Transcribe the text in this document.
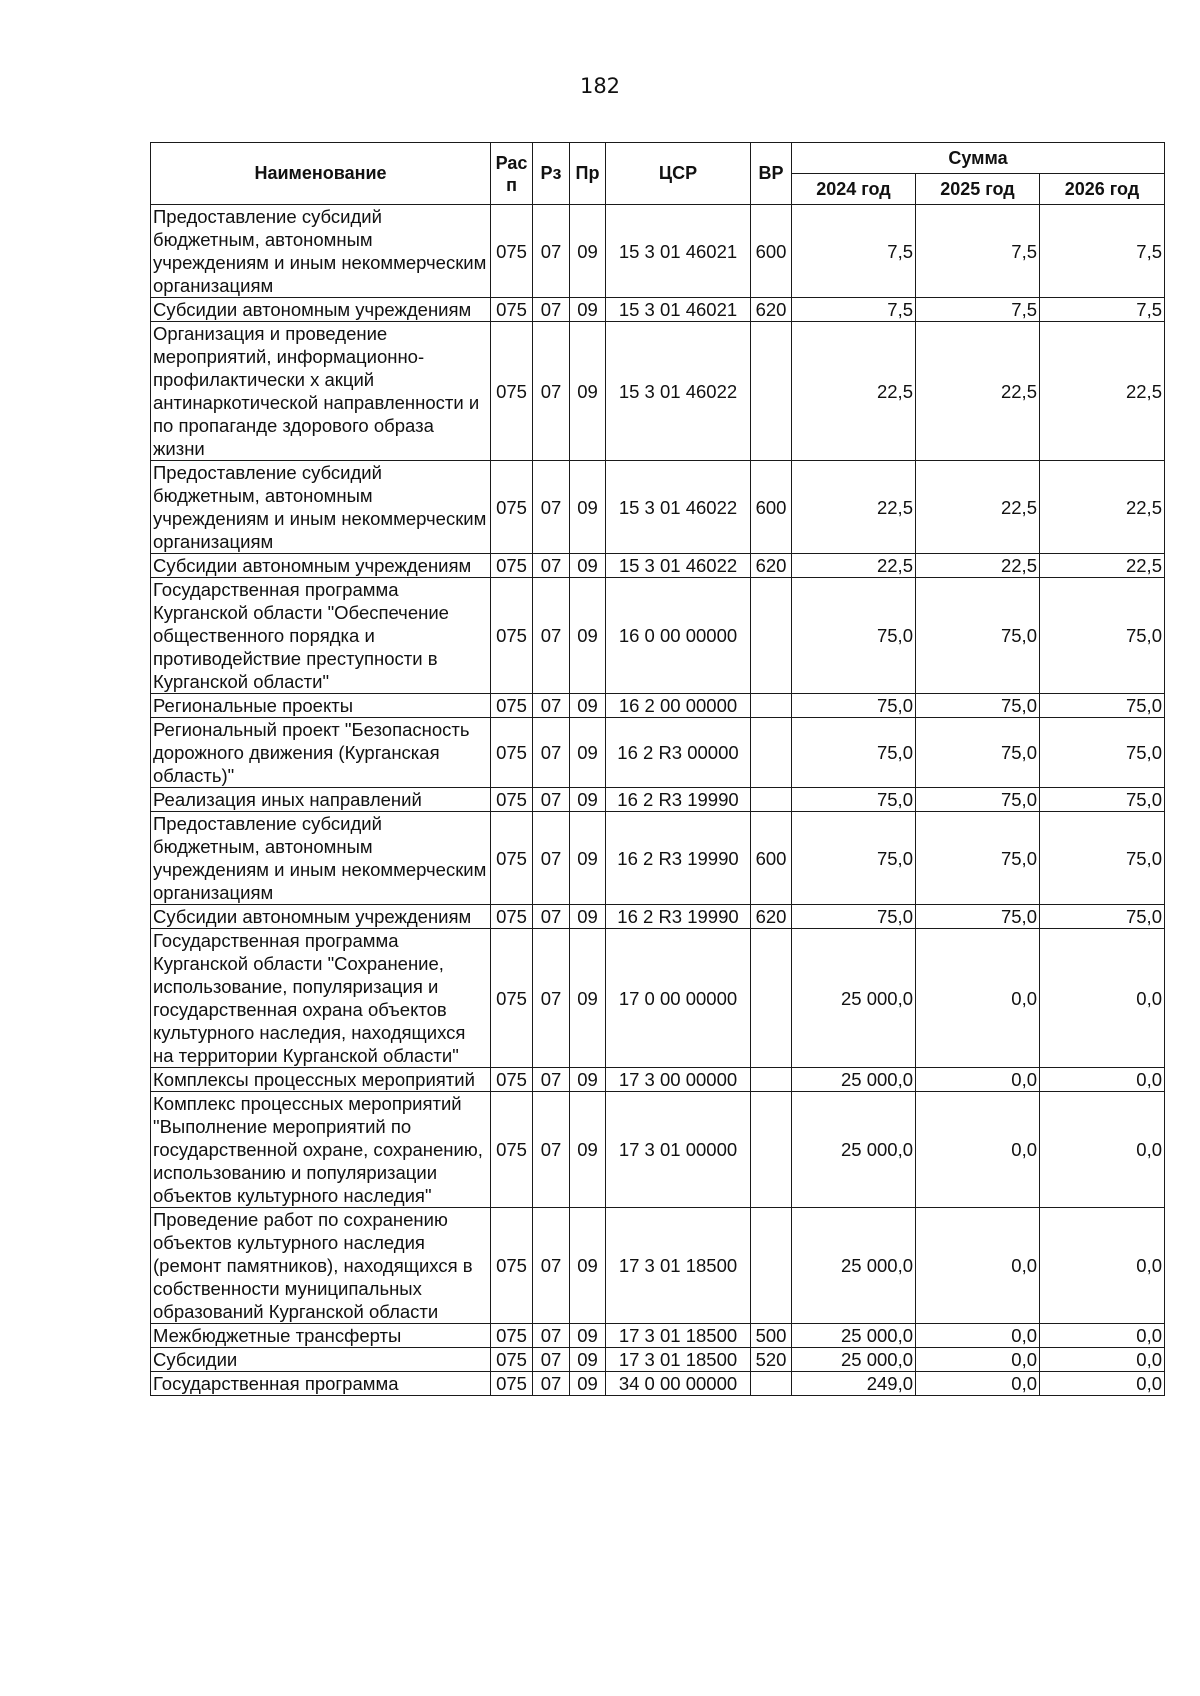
182
Наименование	Рас п	Рз	Пр	ЦСР	ВР	Сумма		
						2024 год	2025 год	2026 год
Предоставление субсидий бюджетным, автономным учреждениям и иным некоммерческим организациям	075	07	09	15 3 01 46021	600	7,5	7,5	7,5
Субсидии автономным учреждениям	075	07	09	15 3 01 46021	620	7,5	7,5	7,5
Организация и проведение мероприятий, информационно-профилактически х акций антинаркотической направленности и по пропаганде здорового образа жизни	075	07	09	15 3 01 46022		22,5	22,5	22,5
Предоставление субсидий бюджетным, автономным учреждениям и иным некоммерческим организациям	075	07	09	15 3 01 46022	600	22,5	22,5	22,5
Субсидии автономным учреждениям	075	07	09	15 3 01 46022	620	22,5	22,5	22,5
Государственная программа Курганской области "Обеспечение общественного порядка и противодействие преступности в Курганской области"	075	07	09	16 0 00 00000		75,0	75,0	75,0
Региональные проекты	075	07	09	16 2 00 00000		75,0	75,0	75,0
Региональный проект "Безопасность дорожного движения (Курганская область)"	075	07	09	16 2 R3 00000		75,0	75,0	75,0
Реализация иных направлений	075	07	09	16 2 R3 19990		75,0	75,0	75,0
Предоставление субсидий бюджетным, автономным учреждениям и иным некоммерческим организациям	075	07	09	16 2 R3 19990	600	75,0	75,0	75,0
Субсидии автономным учреждениям	075	07	09	16 2 R3 19990	620	75,0	75,0	75,0
Государственная программа Курганской области "Сохранение, использование, популяризация и государственная охрана объектов культурного наследия, находящихся на территории Курганской области"	075	07	09	17 0 00 00000		25 000,0	0,0	0,0
Комплексы процессных мероприятий	075	07	09	17 3 00 00000		25 000,0	0,0	0,0
Комплекс процессных мероприятий "Выполнение мероприятий по государственной охране, сохранению, использованию и популяризации объектов культурного наследия"	075	07	09	17 3 01 00000		25 000,0	0,0	0,0
Проведение работ по сохранению объектов культурного наследия (ремонт памятников), находящихся в собственности муниципальных образований Курганской области	075	07	09	17 3 01 18500		25 000,0	0,0	0,0
Межбюджетные трансферты	075	07	09	17 3 01 18500	500	25 000,0	0,0	0,0
Субсидии	075	07	09	17 3 01 18500	520	25 000,0	0,0	0,0
Государственная программа	075	07	09	34 0 00 00000		249,0	0,0	0,0
